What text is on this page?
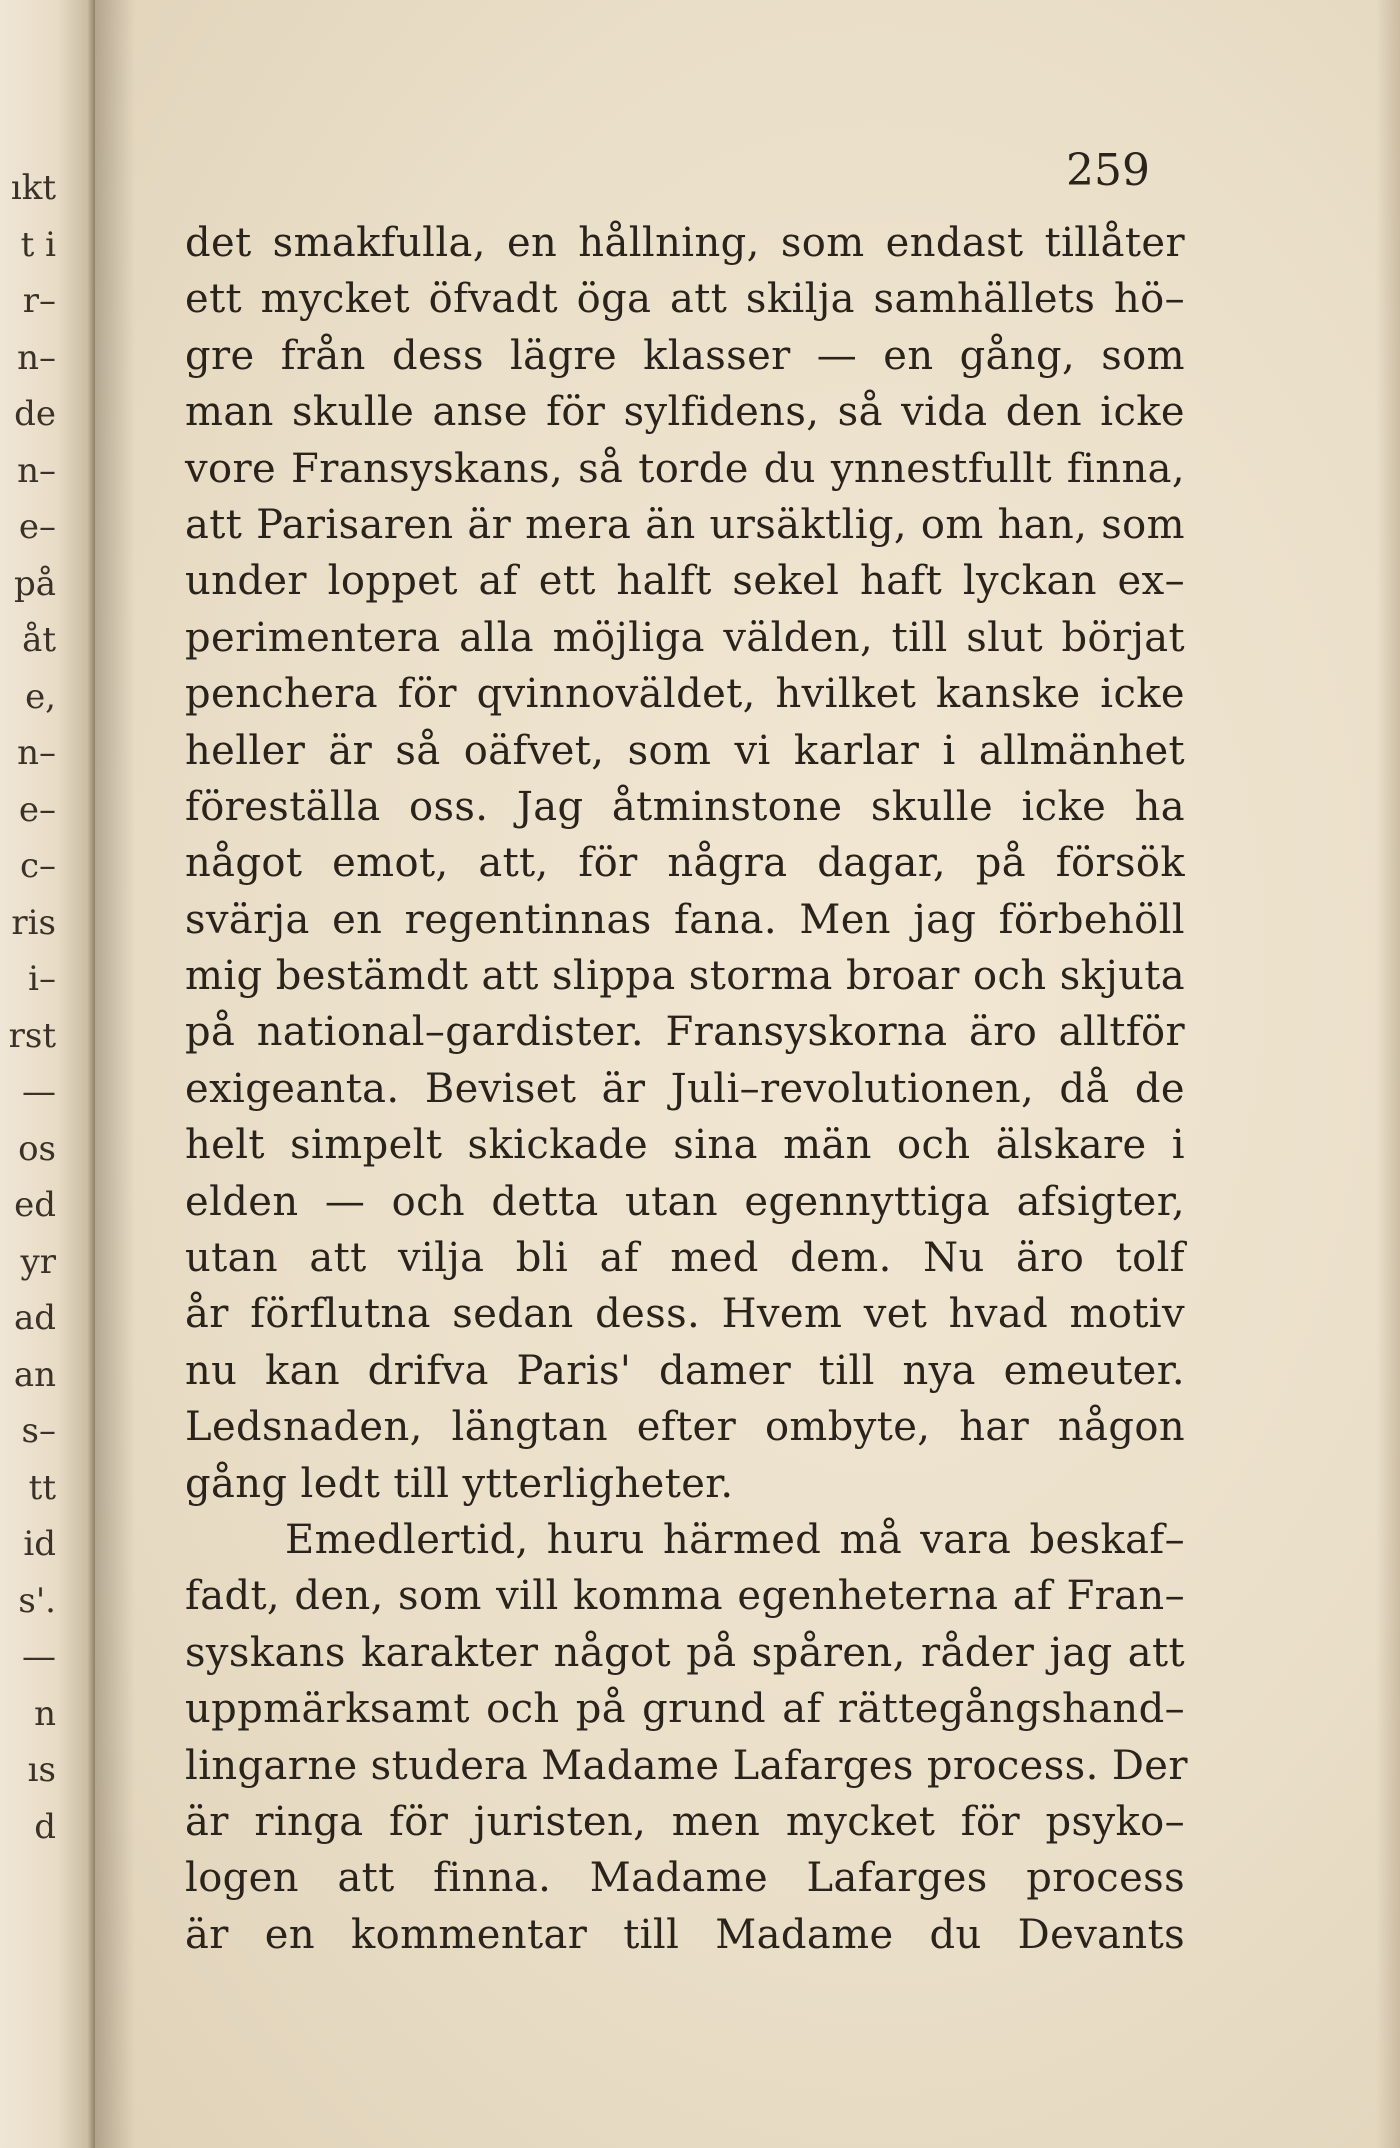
ıkt
t i
r–
n–
de
n–
e–
på
åt
e,
n–
e–
c–
ris
i–
rst
—
os
ed
yr
ad
an
s–
tt
id
s'.
—
n
ıs
d
259
det smakfulla, en hållning, som endast tillåter
ett mycket öfvadt öga att skilja samhällets hö–
gre från dess lägre klasser — en gång, som
man skulle anse för sylfidens, så vida den icke
vore Fransyskans, så torde du ynnestfullt finna,
att Parisaren är mera än ursäktlig, om han, som
under loppet af ett halft sekel haft lyckan ex–
perimentera alla möjliga välden, till slut börjat
penchera för qvinnoväldet, hvilket kanske icke
heller är så oäfvet, som vi karlar i allmänhet
föreställa oss. Jag åtminstone skulle icke ha
något emot, att, för några dagar, på försök
svärja en regentinnas fana. Men jag förbehöll
mig bestämdt att slippa storma broar och skjuta
på national–gardister. Fransyskorna äro alltför
exigeanta. Beviset är Juli–revolutionen, då de
helt simpelt skickade sina män och älskare i
elden — och detta utan egennyttiga afsigter,
utan att vilja bli af med dem. Nu äro tolf
år förflutna sedan dess. Hvem vet hvad motiv
nu kan drifva Paris' damer till nya emeuter.
Ledsnaden, längtan efter ombyte, har någon
gång ledt till ytterligheter.
Emedlertid, huru härmed må vara beskaf–
fadt, den, som vill komma egenheterna af Fran–
syskans karakter något på spåren, råder jag att
uppmärksamt och på grund af rättegångshand–
lingarne studera Madame Lafarges process. Der
är ringa för juristen, men mycket för psyko–
logen att finna. Madame Lafarges process
är en kommentar till Madame du Devants
